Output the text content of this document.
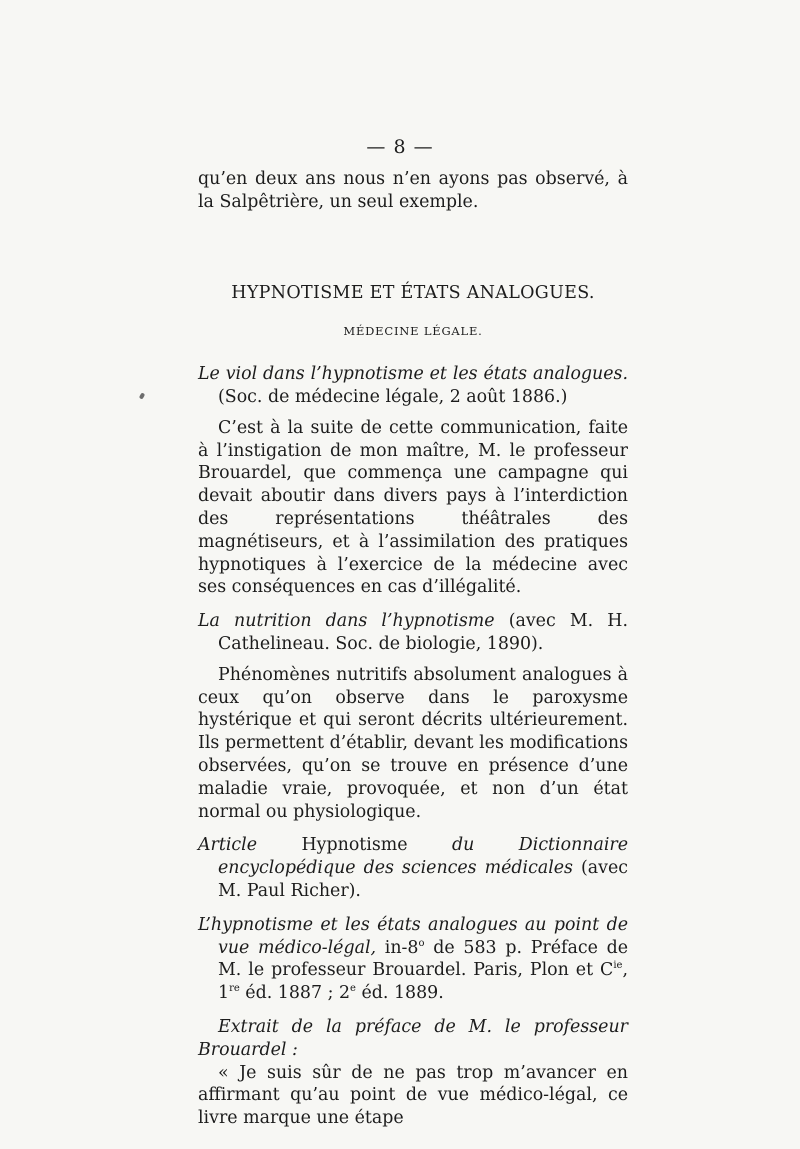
— 8 —

qu’en deux ans nous n’en ayons pas observé, à la Salpêtrière, un seul exemple.

HYPNOTISME ET ÉTATS ANALOGUES.

MÉDECINE LÉGALE.

Le viol dans l’hypnotisme et les états analogues. (Soc. de médecine légale, 2 août 1886.)

C’est à la suite de cette communication, faite à l’instigation de mon maître, M. le professeur Brouardel, que commença une campagne qui devait aboutir dans divers pays à l’interdiction des représentations théâtrales des magnétiseurs, et à l’assimilation des pratiques hypnotiques à l’exercice de la médecine avec ses conséquences en cas d’illégalité.

La nutrition dans l’hypnotisme (avec M. H. Cathelineau. Soc. de biologie, 1890).

Phénomènes nutritifs absolument analogues à ceux qu’on observe dans le paroxysme hystérique et qui seront décrits ultérieurement. Ils permettent d’établir, devant les modifications observées, qu’on se trouve en présence d’une maladie vraie, provoquée, et non d’un état normal ou physiologique.

Article Hypnotisme du Dictionnaire encyclopédique des sciences médicales (avec M. Paul Richer).

L’hypnotisme et les états analogues au point de vue médico-légal, in-8$^o$ de 583 p. Préface de M. le professeur Brouardel. Paris, Plon et $C^{ie}$, 1re éd. 1887 ; 2e éd. 1889.

Extrait de la préface de M. le professeur Brouardel :

« Je suis sûr de ne pas trop m’avancer en affirmant qu’au point de vue médico-légal, ce livre marque une étape
